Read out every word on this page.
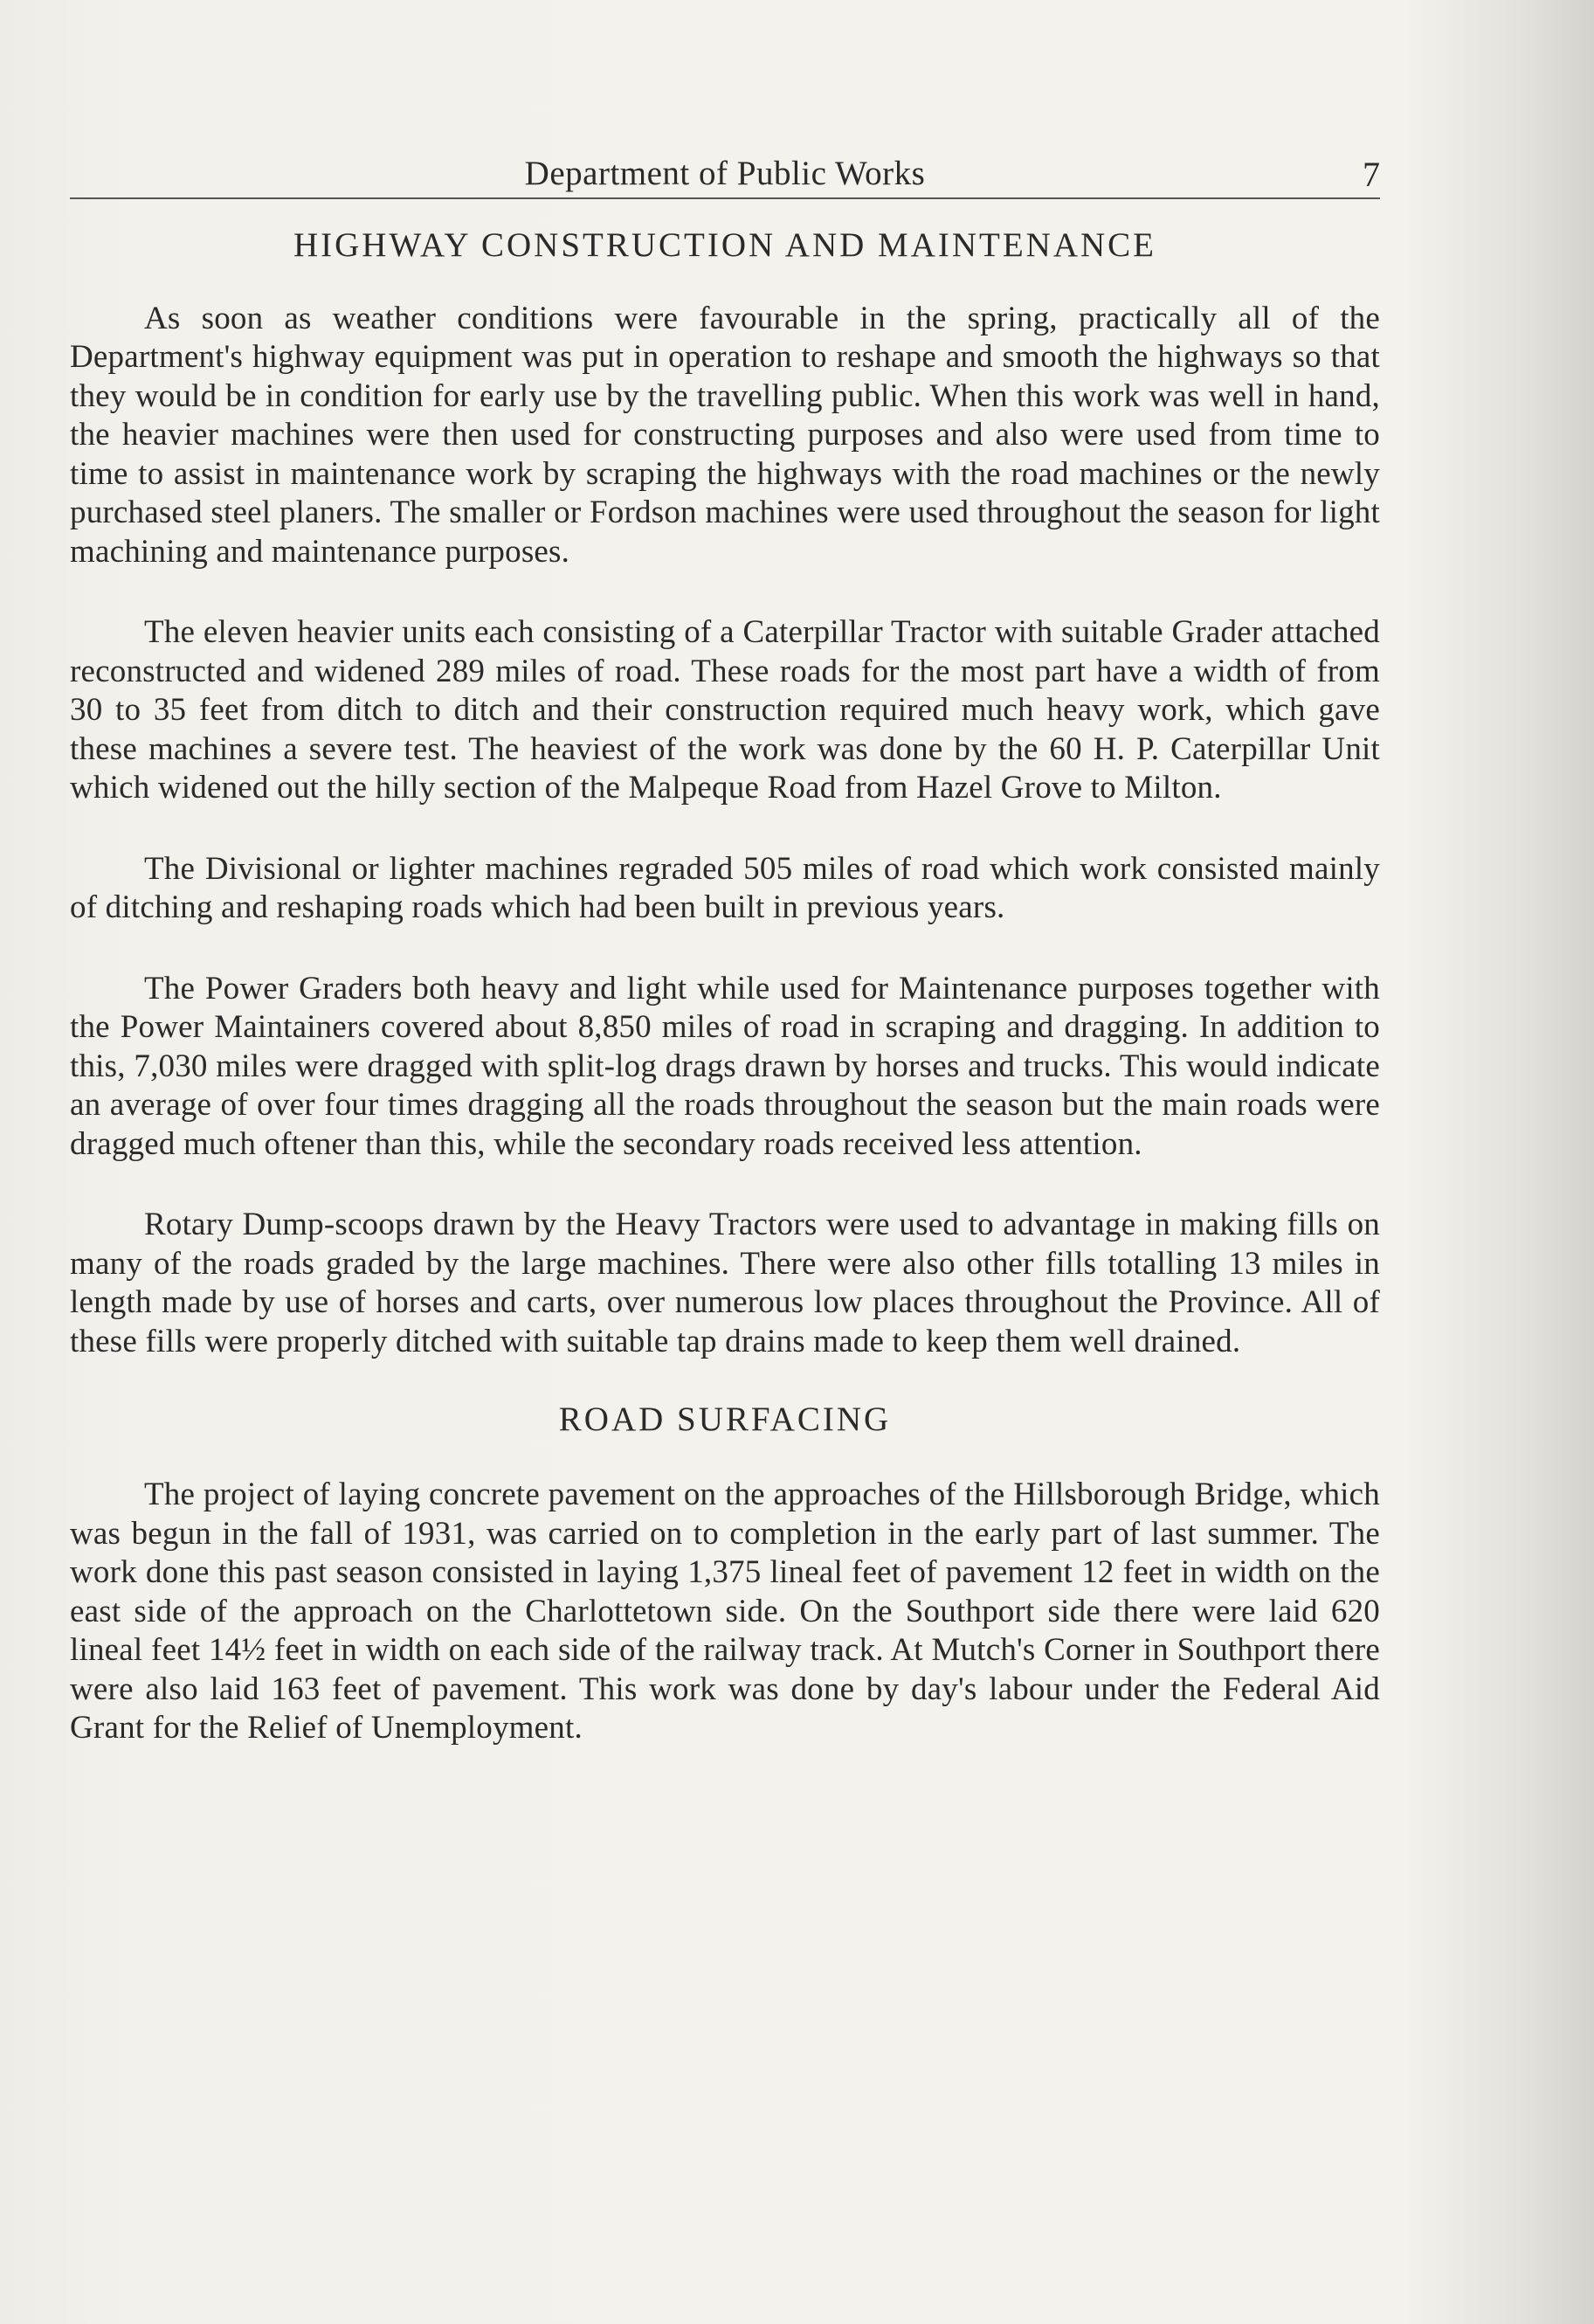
Department of Public Works	7
HIGHWAY CONSTRUCTION AND MAINTENANCE

As soon as weather conditions were favourable in the spring, practically all of the Department's highway equipment was put in operation to reshape and smooth the highways so that they would be in condition for early use by the travelling public. When this work was well in hand, the heavier machines were then used for constructing purposes and also were used from time to time to assist in maintenance work by scraping the highways with the road machines or the newly purchased steel planers. The smaller or Fordson machines were used throughout the season for light machining and maintenance purposes.

The eleven heavier units each consisting of a Caterpillar Tractor with suitable Grader attached reconstructed and widened 289 miles of road. These roads for the most part have a width of from 30 to 35 feet from ditch to ditch and their construction required much heavy work, which gave these machines a severe test. The heaviest of the work was done by the 60 H. P. Caterpillar Unit which widened out the hilly section of the Malpeque Road from Hazel Grove to Milton.

The Divisional or lighter machines regraded 505 miles of road which work consisted mainly of ditching and reshaping roads which had been built in previous years.

The Power Graders both heavy and light while used for Maintenance purposes together with the Power Maintainers covered about 8,850 miles of road in scraping and dragging. In addition to this, 7,030 miles were dragged with split-log drags drawn by horses and trucks. This would indicate an average of over four times dragging all the roads throughout the season but the main roads were dragged much oftener than this, while the secondary roads received less attention.

Rotary Dump-scoops drawn by the Heavy Tractors were used to advantage in making fills on many of the roads graded by the large machines. There were also other fills totalling 13 miles in length made by use of horses and carts, over numerous low places throughout the Province. All of these fills were properly ditched with suitable tap drains made to keep them well drained.

ROAD SURFACING

The project of laying concrete pavement on the approaches of the Hillsborough Bridge, which was begun in the fall of 1931, was carried on to completion in the early part of last summer. The work done this past season consisted in laying 1,375 lineal feet of pavement 12 feet in width on the east side of the approach on the Charlottetown side. On the Southport side there were laid 620 lineal feet 14½ feet in width on each side of the railway track. At Mutch's Corner in Southport there were also laid 163 feet of pavement. This work was done by day's labour under the Federal Aid Grant for the Relief of Unemployment.
